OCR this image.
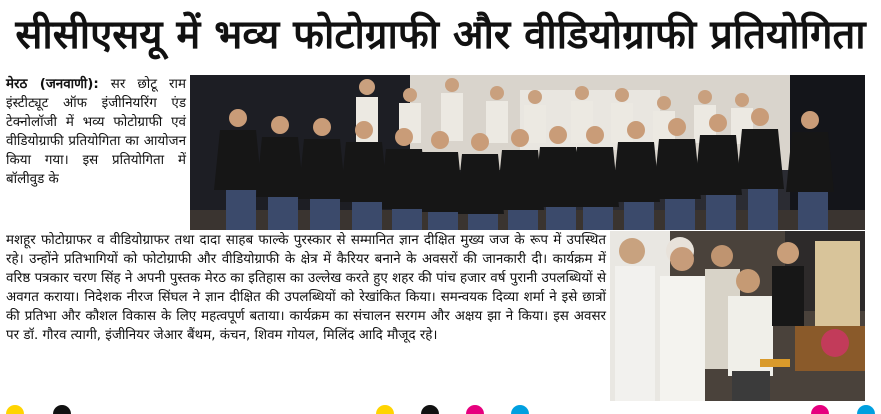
सीसीएसयू में भव्य फोटोग्राफी और वीडियोग्राफी प्रतियोगिता
मेरठ (जनवाणी): सर छोटू राम इंस्टीट्यूट ऑफ इंजीनियरिंग एंड टेक्नोलॉजी में भव्य फोटोग्राफी एवं वीडियोग्राफी प्रतियोगिता का आयोजन किया गया। इस प्रतियोगिता में बॉलीवुड के

मशहूर फोटोग्राफर व वीडियोग्राफर तथा दादा साहब फाल्के पुरस्कार से सम्मानित ज्ञान दीक्षित मुख्य जज के रूप में उपस्थित रहे। उन्होंने प्रतिभागियों को फोटोग्राफी और वीडियोग्राफी के क्षेत्र में कैरियर बनाने के अवसरों की जानकारी दी। कार्यक्रम में वरिष्ठ पत्रकार चरण सिंह ने अपनी पुस्तक मेरठ का इतिहास का उल्लेख करते हुए शहर की पांच हजार वर्ष पुरानी उपलब्धियों से अवगत कराया। निदेशक नीरज सिंघल ने ज्ञान दीक्षित की उपलब्धियों को रेखांकित किया। समन्वयक दिव्या शर्मा ने इसे छात्रों की प्रतिभा और कौशल विकास के लिए महत्वपूर्ण बताया। कार्यक्रम का संचालन सरगम और अक्षय झा ने किया। इस अवसर पर डॉ. गौरव त्यागी, इंजीनियर जेआर बैंथम, कंचन, शिवम गोयल, मिलिंद आदि मौजूद रहे।
